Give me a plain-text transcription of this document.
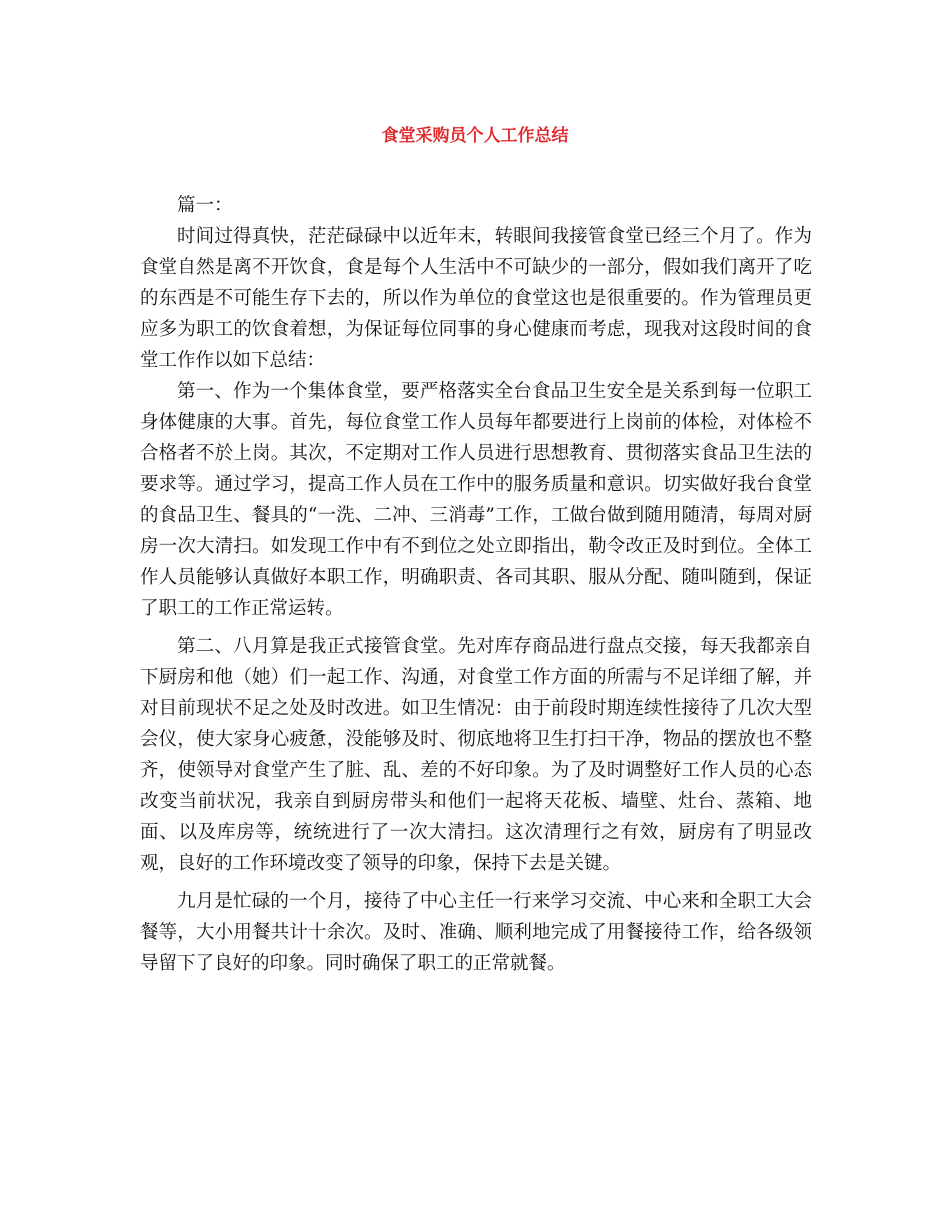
食堂采购员个人工作总结

篇一：

时间过得真快，茫茫碌碌中以近年末，转眼间我接管食堂已经三个月了。作为食堂自然是离不开饮食，食是每个人生活中不可缺少的一部分，假如我们离开了吃的东西是不可能生存下去的，所以作为单位的食堂这也是很重要的。作为管理员更应多为职工的饮食着想，为保证每位同事的身心健康而考虑，现我对这段时间的食堂工作作以如下总结：

第一、作为一个集体食堂，要严格落实全台食品卫生安全是关系到每一位职工身体健康的大事。首先，每位食堂工作人员每年都要进行上岗前的体检，对体检不合格者不於上岗。其次，不定期对工作人员进行思想教育、贯彻落实食品卫生法的要求等。通过学习，提高工作人员在工作中的服务质量和意识。切实做好我台食堂的食品卫生、餐具的“一洗、二冲、三消毒”工作，工做台做到随用随清，每周对厨房一次大清扫。如发现工作中有不到位之处立即指出，勒令改正及时到位。全体工作人员能够认真做好本职工作，明确职责、各司其职、服从分配、随叫随到，保证了职工的工作正常运转。

第二、八月算是我正式接管食堂。先对库存商品进行盘点交接，每天我都亲自下厨房和他（她）们一起工作、沟通，对食堂工作方面的所需与不足详细了解，并对目前现状不足之处及时改进。如卫生情况：由于前段时期连续性接待了几次大型会仪，使大家身心疲惫，没能够及时、彻底地将卫生打扫干净，物品的摆放也不整齐，使领导对食堂产生了脏、乱、差的不好印象。为了及时调整好工作人员的心态改变当前状况，我亲自到厨房带头和他们一起将天花板、墙壁、灶台、蒸箱、地面、以及库房等，统统进行了一次大清扫。这次清理行之有效，厨房有了明显改观，良好的工作环境改变了领导的印象，保持下去是关键。

九月是忙碌的一个月，接待了中心主任一行来学习交流、中心来和全职工大会餐等，大小用餐共计十余次。及时、准确、顺利地完成了用餐接待工作，给各级领导留下了良好的印象。同时确保了职工的正常就餐。
